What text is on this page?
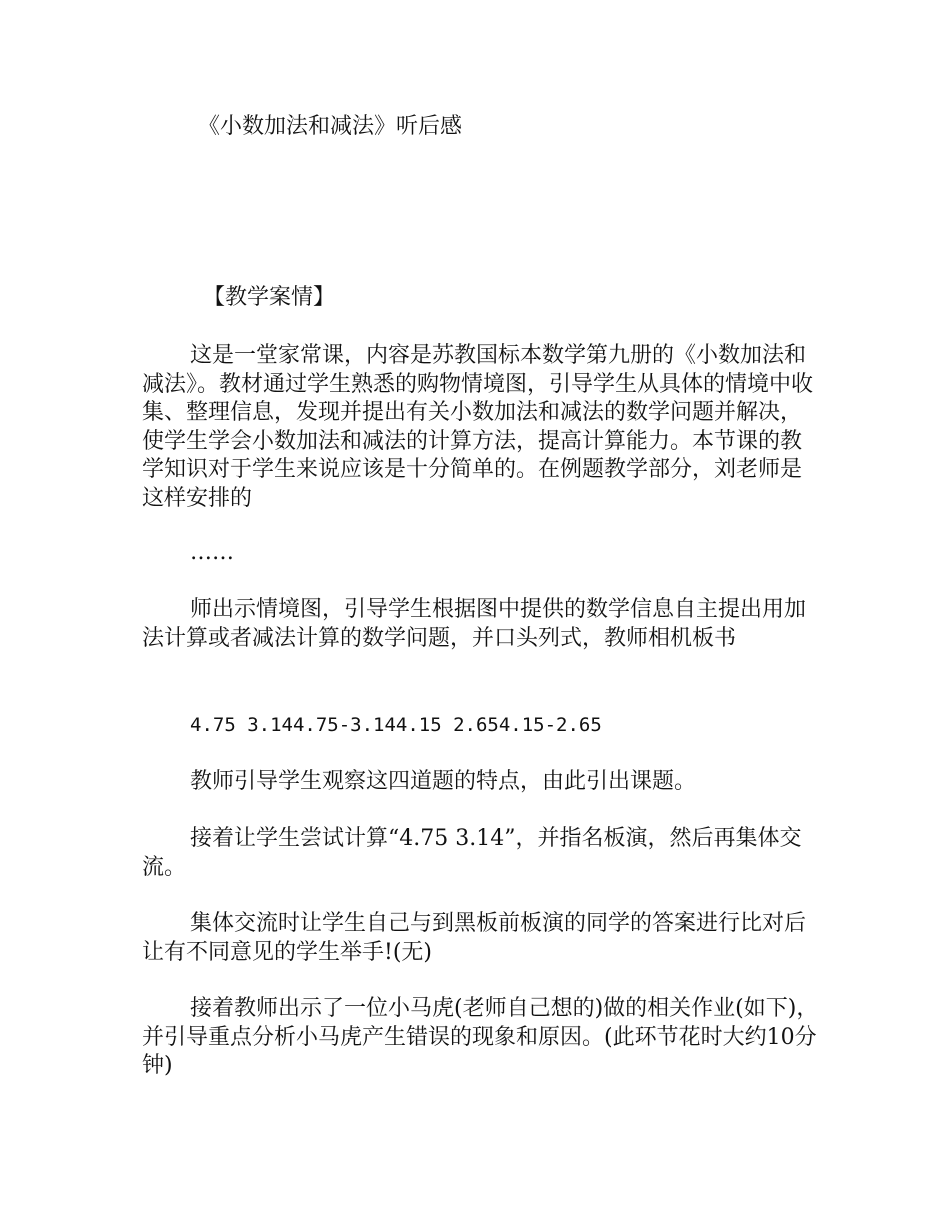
《小数加法和减法》听后感
【教学案情】

这是一堂家常课，内容是苏教国标本数学第九册的《小数加法和减法》。教材通过学生熟悉的购物情境图，引导学生从具体的情境中收集、整理信息，发现并提出有关小数加法和减法的数学问题并解决，使学生学会小数加法和减法的计算方法，提高计算能力。本节课的教学知识对于学生来说应该是十分简单的。在例题教学部分，刘老师是这样安排的

……

师出示情境图，引导学生根据图中提供的数学信息自主提出用加法计算或者减法计算的数学问题，并口头列式，教师相机板书

4.75 3.144.75-3.144.15 2.654.15-2.65

教师引导学生观察这四道题的特点，由此引出课题。

接着让学生尝试计算“4.75 3.14”，并指名板演，然后再集体交流。

集体交流时让学生自己与到黑板前板演的同学的答案进行比对后让有不同意见的学生举手!(无)

接着教师出示了一位小马虎(老师自己想的)做的相关作业(如下)，并引导重点分析小马虎产生错误的现象和原因。(此环节花时大约10分钟)
